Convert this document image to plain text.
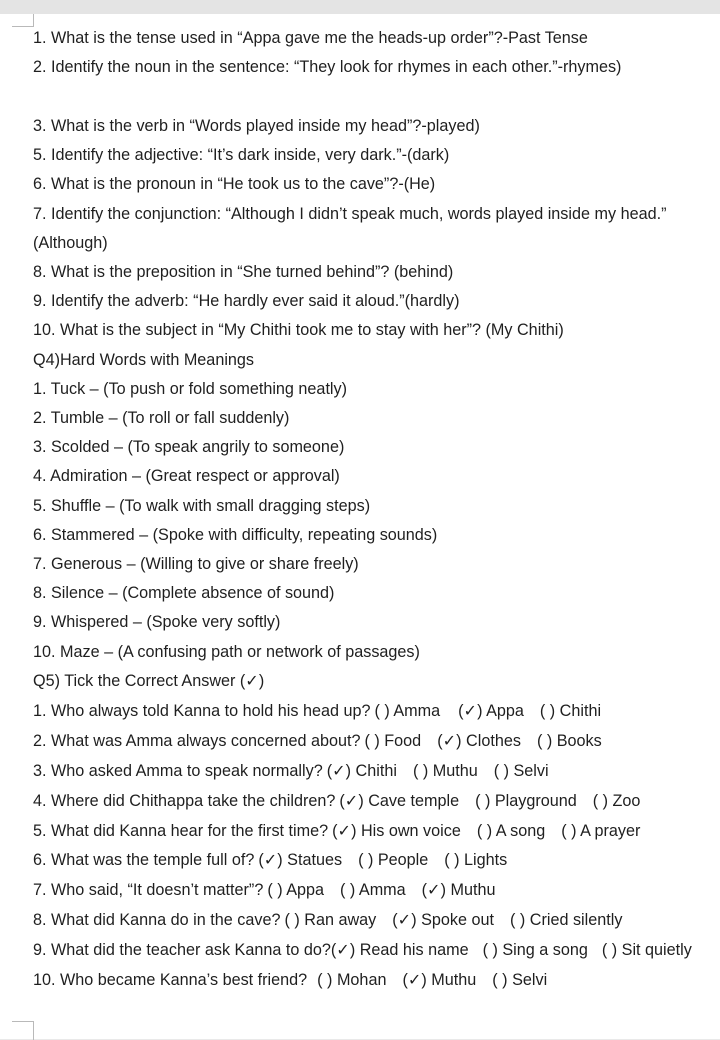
1. What is the tense used in “Appa gave me the heads-up order”?-Past Tense
2. Identify the noun in the sentence: “They look for rhymes in each other.”-rhymes)
3. What is the verb in “Words played inside my head”?-played)
5. Identify the adjective: “It’s dark inside, very dark.”-(dark)
6. What is the pronoun in “He took us to the cave”?-(He)
7. Identify the conjunction: “Although I didn’t speak much, words played inside my head.”
(Although)
8. What is the preposition in “She turned behind”? (behind)
9. Identify the adverb: “He hardly ever said it aloud.”(hardly)
10. What is the subject in “My Chithi took me to stay with her”? (My Chithi)
Q4)Hard Words with Meanings
1. Tuck – (To push or fold something neatly)
2. Tumble – (To roll or fall suddenly)
3. Scolded – (To speak angrily to someone)
4. Admiration – (Great respect or approval)
5. Shuffle – (To walk with small dragging steps)
6. Stammered – (Spoke with difficulty, repeating sounds)
7. Generous – (Willing to give or share freely)
8. Silence – (Complete absence of sound)
9. Whispered – (Spoke very softly)
10. Maze – (A confusing path or network of passages)
Q5) Tick the Correct Answer (✓)
1. Who always told Kanna to hold his head up? ( ) Amma (✓) Appa ( ) Chithi
2. What was Amma always concerned about? ( ) Food (✓) Clothes ( ) Books
3. Who asked Amma to speak normally? (✓) Chithi ( ) Muthu ( ) Selvi
4. Where did Chithappa take the children? (✓) Cave temple ( ) Playground ( ) Zoo
5. What did Kanna hear for the first time? (✓) His own voice ( ) A song ( ) A prayer
6. What was the temple full of? (✓) Statues ( ) People ( ) Lights
7. Who said, “It doesn’t matter”? ( ) Appa ( ) Amma (✓) Muthu
8. What did Kanna do in the cave? ( ) Ran away (✓) Spoke out ( ) Cried silently
9. What did the teacher ask Kanna to do?(✓) Read his name ( ) Sing a song ( ) Sit quietly
10. Who became Kanna’s best friend? ( ) Mohan (✓) Muthu ( ) Selvi
